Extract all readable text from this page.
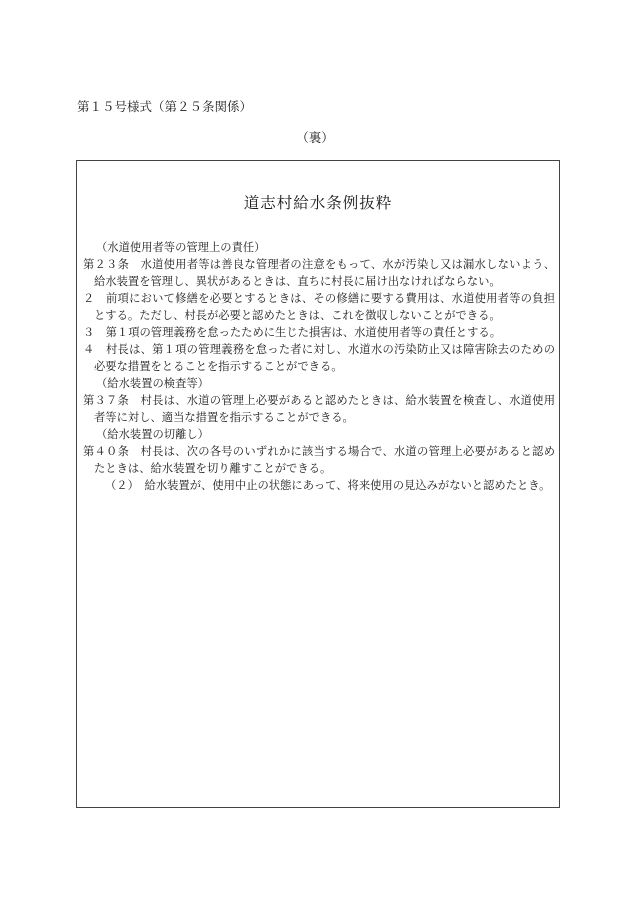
第１５号様式（第２５条関係）
（裏）
道志村給水条例抜粋
（水道使用者等の管理上の責任）
第２３条　水道使用者等は善良な管理者の注意をもって、水が汚染し又は漏水しないよう、給水装置を管理し、異状があるときは、直ちに村長に届け出なければならない。
２　前項において修繕を必要とするときは、その修繕に要する費用は、水道使用者等の負担とする。ただし、村長が必要と認めたときは、これを徴収しないことができる。
３　第１項の管理義務を怠ったために生じた損害は、水道使用者等の責任とする。
４　村長は、第１項の管理義務を怠った者に対し、水道水の汚染防止又は障害除去のための必要な措置をとることを指示することができる。
（給水装置の検査等）
第３７条　村長は、水道の管理上必要があると認めたときは、給水装置を検査し、水道使用者等に対し、適当な措置を指示することができる。
（給水装置の切離し）
第４０条　村長は、次の各号のいずれかに該当する場合で、水道の管理上必要があると認めたときは、給水装置を切り離すことができる。
（２）　給水装置が、使用中止の状態にあって、将来使用の見込みがないと認めたとき。
